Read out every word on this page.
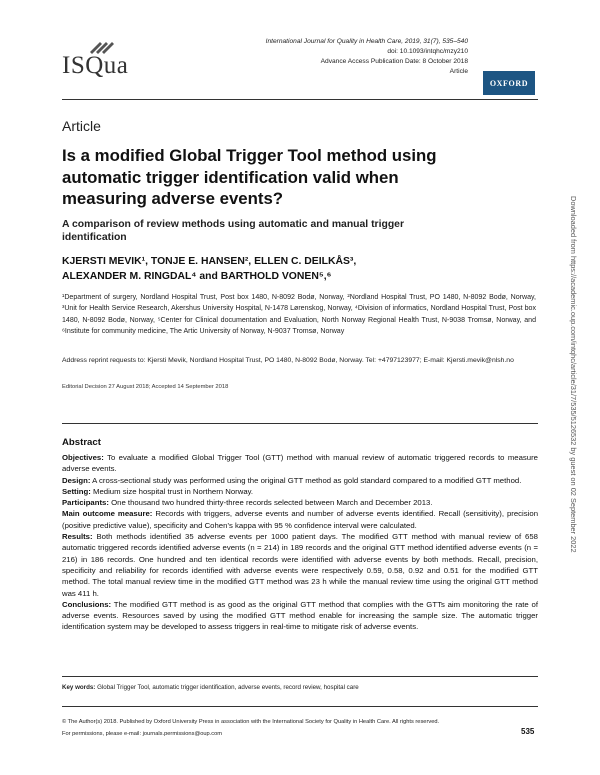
ISQua
International Journal for Quality in Health Care, 2019, 31(7), 535–540
doi: 10.1093/intqhc/mzy210
Advance Access Publication Date: 8 October 2018
Article
OXFORD
Article
Is a modified Global Trigger Tool method using automatic trigger identification valid when measuring adverse events?
A comparison of review methods using automatic and manual trigger identification
KJERSTI MEVIK¹, TONJE E. HANSEN², ELLEN C. DEILKÅS³,
ALEXANDER M. RINGDAL⁴ and BARTHOLD VONEN⁵,⁶
¹Department of surgery, Nordland Hospital Trust, Post box 1480, N-8092 Bodø, Norway, ²Nordland Hospital Trust, PO 1480, N-8092 Bodø, Norway, ³Unit for Health Service Research, Akershus University Hospital, N-1478 Lørenskog, Norway, ⁴Division of informatics, Nordland Hospital Trust, Post box 1480, N-8092 Bodø, Norway, ⁵Center for Clinical documentation and Evaluation, North Norway Regional Health Trust, N-9038 Tromsø, Norway, and ⁶Institute for community medicine, The Artic University of Norway, N-9037 Tromsø, Norway
Address reprint requests to: Kjersti Mevik, Nordland Hospital Trust, PO 1480, N-8092 Bodø, Norway. Tel: +4797123977; E-mail: Kjersti.mevik@nlsh.no
Editorial Decision 27 August 2018; Accepted 14 September 2018
Abstract

Objectives: To evaluate a modified Global Trigger Tool (GTT) method with manual review of automatic triggered records to measure adverse events.

Design: A cross-sectional study was performed using the original GTT method as gold standard compared to a modified GTT method.

Setting: Medium size hospital trust in Northern Norway.

Participants: One thousand two hundred thirty-three records selected between March and December 2013.

Main outcome measure: Records with triggers, adverse events and number of adverse events identified. Recall (sensitivity), precision (positive predictive value), specificity and Cohen’s kappa with 95 % confidence interval were calculated.

Results: Both methods identified 35 adverse events per 1000 patient days. The modified GTT method with manual review of 658 automatic triggered records identified adverse events (n = 214) in 189 records and the original GTT method identified adverse events (n = 216) in 186 records. One hundred and ten identical records were identified with adverse events by both methods. Recall, precision, specificity and reliability for records identified with adverse events were respectively 0.59, 0.58, 0.92 and 0.51 for the modified GTT method. The total manual review time in the modified GTT method was 23 h while the manual review time using the original GTT method was 411 h.

Conclusions: The modified GTT method is as good as the original GTT method that complies with the GTTs aim monitoring the rate of adverse events. Resources saved by using the modified GTT method enable for increasing the sample size. The automatic trigger identification system may be developed to assess triggers in real-time to mitigate risk of adverse events.

Key words: Global Trigger Tool, automatic trigger identification, adverse events, record review, hospital care
© The Author(s) 2018. Published by Oxford University Press in association with the International Society for Quality in Health Care. All rights reserved.
For permissions, please e-mail: journals.permissions@oup.com	535
Downloaded from https://academic.oup.com/intqhc/article/31/7/535/5126532 by guest on 02 September 2022
